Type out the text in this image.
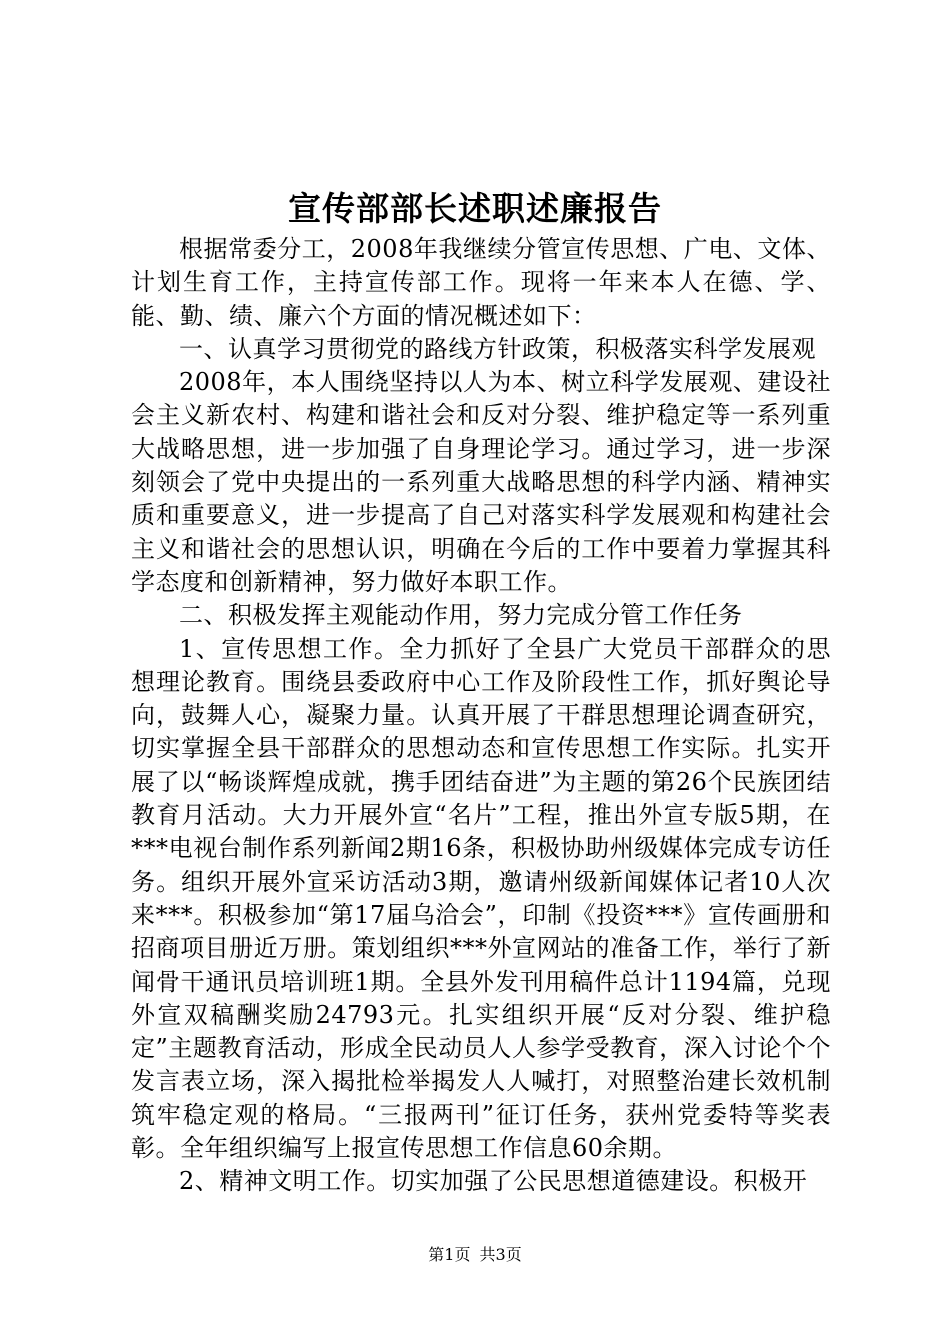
宣传部部长述职述廉报告

根据常委分工，2008年我继续分管宣传思想、广电、文体、计划生育工作，主持宣传部工作。现将一年来本人在德、学、能、勤、绩、廉六个方面的情况概述如下：

一、认真学习贯彻党的路线方针政策，积极落实科学发展观

2008年，本人围绕坚持以人为本、树立科学发展观、建设社会主义新农村、构建和谐社会和反对分裂、维护稳定等一系列重大战略思想，进一步加强了自身理论学习。通过学习，进一步深刻领会了党中央提出的一系列重大战略思想的科学内涵、精神实质和重要意义，进一步提高了自己对落实科学发展观和构建社会主义和谐社会的思想认识，明确在今后的工作中要着力掌握其科学态度和创新精神，努力做好本职工作。

二、积极发挥主观能动作用，努力完成分管工作任务

1、宣传思想工作。全力抓好了全县广大党员干部群众的思想理论教育。围绕县委政府中心工作及阶段性工作，抓好舆论导向，鼓舞人心，凝聚力量。认真开展了干群思想理论调查研究，切实掌握全县干部群众的思想动态和宣传思想工作实际。扎实开展了以“畅谈辉煌成就，携手团结奋进”为主题的第26个民族团结教育月活动。大力开展外宣“名片”工程，推出外宣专版5期，在***电视台制作系列新闻2期16条，积极协助州级媒体完成专访任务。组织开展外宣采访活动3期，邀请州级新闻媒体记者10人次来***。积极参加“第17届乌洽会”，印制《投资***》宣传画册和招商项目册近万册。策划组织***外宣网站的准备工作，举行了新闻骨干通讯员培训班1期。全县外发刊用稿件总计1194篇，兑现外宣双稿酬奖励24793元。扎实组织开展“反对分裂、维护稳定”主题教育活动，形成全民动员人人参学受教育，深入讨论个个发言表立场，深入揭批检举揭发人人喊打，对照整治建长效机制筑牢稳定观的格局。“三报两刊”征订任务，获州党委特等奖表彰。全年组织编写上报宣传思想工作信息60余期。

2、精神文明工作。切实加强了公民思想道德建设。积极开

第1页 共3页
